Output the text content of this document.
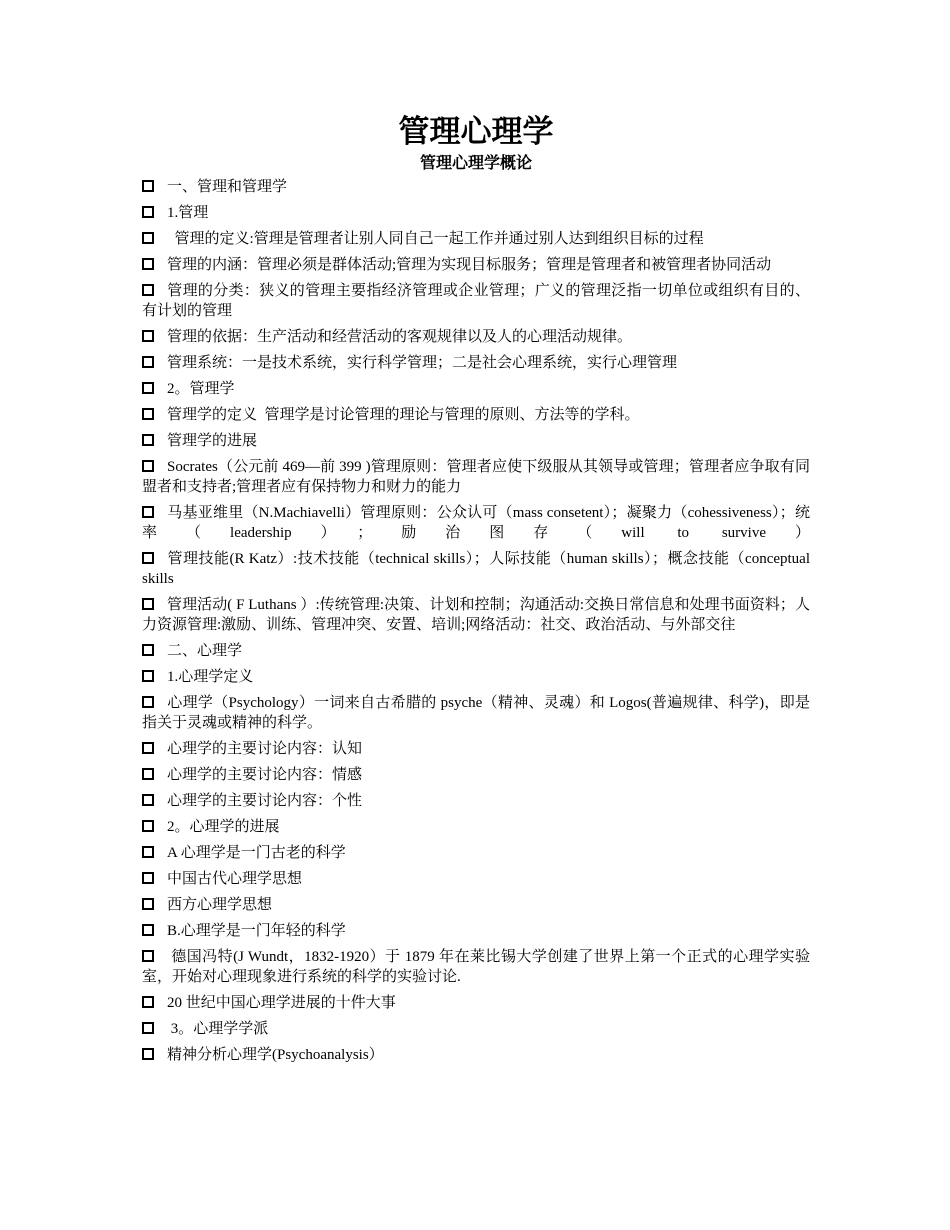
管理心理学
管理心理学概论
一、管理和管理学
1.管理
管理的定义:管理是管理者让别人同自己一起工作并通过别人达到组织目标的过程
管理的内涵：管理必须是群体活动;管理为实现目标服务；管理是管理者和被管理者协同活动
管理的分类：狭义的管理主要指经济管理或企业管理；广义的管理泛指一切单位或组织有目的、有计划的管理
管理的依据：生产活动和经营活动的客观规律以及人的心理活动规律。
管理系统：一是技术系统，实行科学管理；二是社会心理系统，实行心理管理
2。管理学
管理学的定义  管理学是讨论管理的理论与管理的原则、方法等的学科。
管理学的进展
Socrates（公元前 469—前 399 )管理原则：管理者应使下级服从其领导或管理；管理者应争取有同盟者和支持者;管理者应有保持物力和财力的能力
马基亚维里（N.Machiavelli）管理原则：公众认可（mass consetent）；凝聚力（cohessiveness）；统率（leadership）；励治图存（will to survive）
管理技能(R Katz）:技术技能（technical skills）；人际技能（human skills）；概念技能（conceptual skills
管理活动( F Luthans ）:传统管理:决策、计划和控制；沟通活动:交换日常信息和处理书面资料；人力资源管理:激励、训练、管理冲突、安置、培训;网络活动：社交、政治活动、与外部交往
二、心理学
1.心理学定义
心理学（Psychology）一词来自古希腊的 psyche（精神、灵魂）和 Logos(普遍规律、科学)，即是指关于灵魂或精神的科学。
心理学的主要讨论内容：认知
心理学的主要讨论内容：情感
心理学的主要讨论内容：个性
2。心理学的进展
A 心理学是一门古老的科学
中国古代心理学思想
西方心理学思想
B.心理学是一门年轻的科学
德国冯特(J Wundt，1832-1920）于 1879 年在莱比锡大学创建了世界上第一个正式的心理学实验室，开始对心理现象进行系统的科学的实验讨论.
20 世纪中国心理学进展的十件大事
3。心理学学派
精神分析心理学(Psychoanalysis）
